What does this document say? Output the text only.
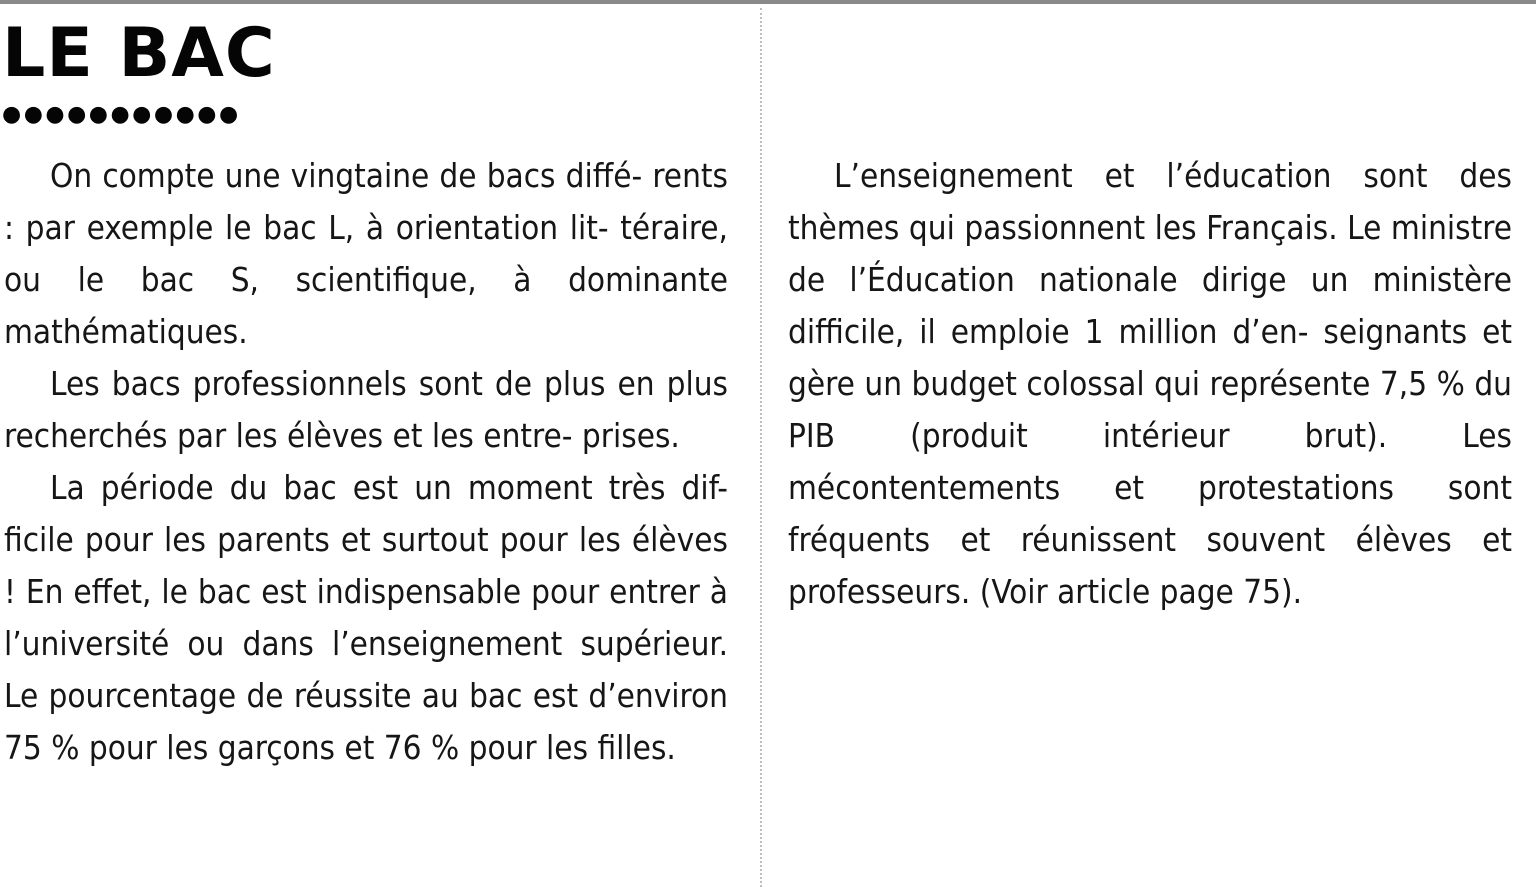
LE BAC
●●●●●●●●●●●

On compte une vingtaine de bacs diffé- rents : par exemple le bac L, à orientation lit- téraire, ou le bac S, scientifique, à dominante mathématiques.

Les bacs professionnels sont de plus en plus recherchés par les élèves et les entre- prises.

La période du bac est un moment très dif- ficile pour les parents et surtout pour les élèves ! En effet, le bac est indispensable pour entrer à l’université ou dans l’enseignement supérieur. Le pourcentage de réussite au bac est d’environ 75 % pour les garçons et 76 % pour les filles.

L’enseignement et l’éducation sont des thèmes qui passionnent les Français. Le ministre de l’Éducation nationale dirige un ministère difficile, il emploie 1 million d’en- seignants et gère un budget colossal qui représente 7,5 % du PIB (produit intérieur brut). Les mécontentements et protestations sont fréquents et réunissent souvent élèves et professeurs. (Voir article page 75).
